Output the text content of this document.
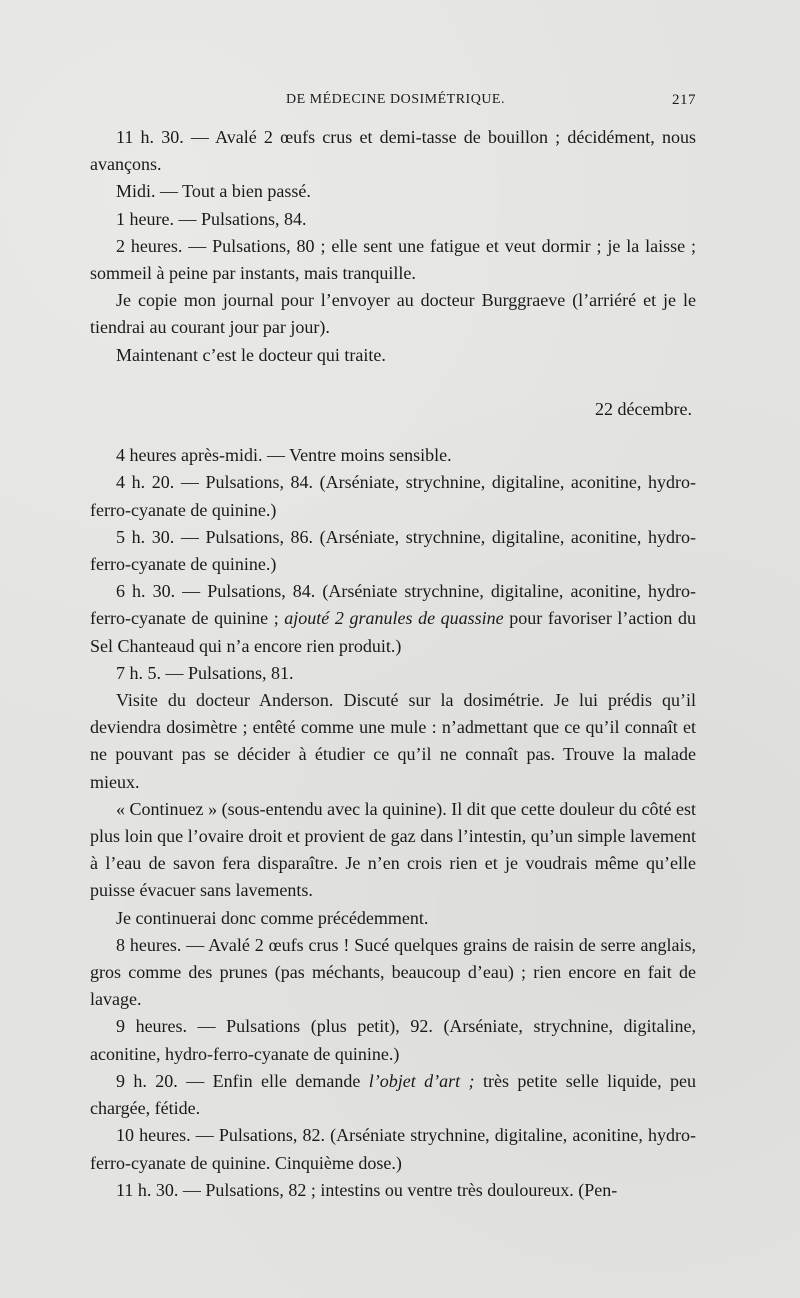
DE MÉDECINE DOSIMÉTRIQUE.	217

11 h. 30. — Avalé 2 œufs crus et demi-tasse de bouillon ; décidément, nous avançons.

Midi. — Tout a bien passé.

1 heure. — Pulsations, 84.

2 heures. — Pulsations, 80 ; elle sent une fatigue et veut dormir ; je la laisse ; sommeil à peine par instants, mais tranquille.

Je copie mon journal pour l’envoyer au docteur Burggraeve (l’arriéré et je le tiendrai au courant jour par jour).

Maintenant c’est le docteur qui traite.

22 décembre.

4 heures après-midi. — Ventre moins sensible.

4 h. 20. — Pulsations, 84. (Arséniate, strychnine, digitaline, aconitine, hydro-ferro-cyanate de quinine.)

5 h. 30. — Pulsations, 86. (Arséniate, strychnine, digitaline, aconitine, hydro-ferro-cyanate de quinine.)

6 h. 30. — Pulsations, 84. (Arséniate strychnine, digitaline, aconitine, hydro-ferro-cyanate de quinine ; ajouté 2 granules de quassine pour favoriser l’action du Sel Chanteaud qui n’a encore rien produit.)

7 h. 5. — Pulsations, 81.

Visite du docteur Anderson. Discuté sur la dosimétrie. Je lui prédis qu’il deviendra dosimètre ; entêté comme une mule : n’admettant que ce qu’il connaît et ne pouvant pas se décider à étudier ce qu’il ne connaît pas. Trouve la malade mieux.

« Continuez » (sous-entendu avec la quinine). Il dit que cette douleur du côté est plus loin que l’ovaire droit et provient de gaz dans l’intestin, qu’un simple lavement à l’eau de savon fera disparaître. Je n’en crois rien et je voudrais même qu’elle puisse évacuer sans lavements.

Je continuerai donc comme précédemment.

8 heures. — Avalé 2 œufs crus ! Sucé quelques grains de raisin de serre anglais, gros comme des prunes (pas méchants, beaucoup d’eau) ; rien encore en fait de lavage.

9 heures. — Pulsations (plus petit), 92. (Arséniate, strychnine, digitaline, aconitine, hydro-ferro-cyanate de quinine.)

9 h. 20. — Enfin elle demande l’objet d’art ; très petite selle liquide, peu chargée, fétide.

10 heures. — Pulsations, 82. (Arséniate strychnine, digitaline, aconitine, hydro-ferro-cyanate de quinine. Cinquième dose.)

11 h. 30. — Pulsations, 82 ; intestins ou ventre très douloureux. (Pen-
